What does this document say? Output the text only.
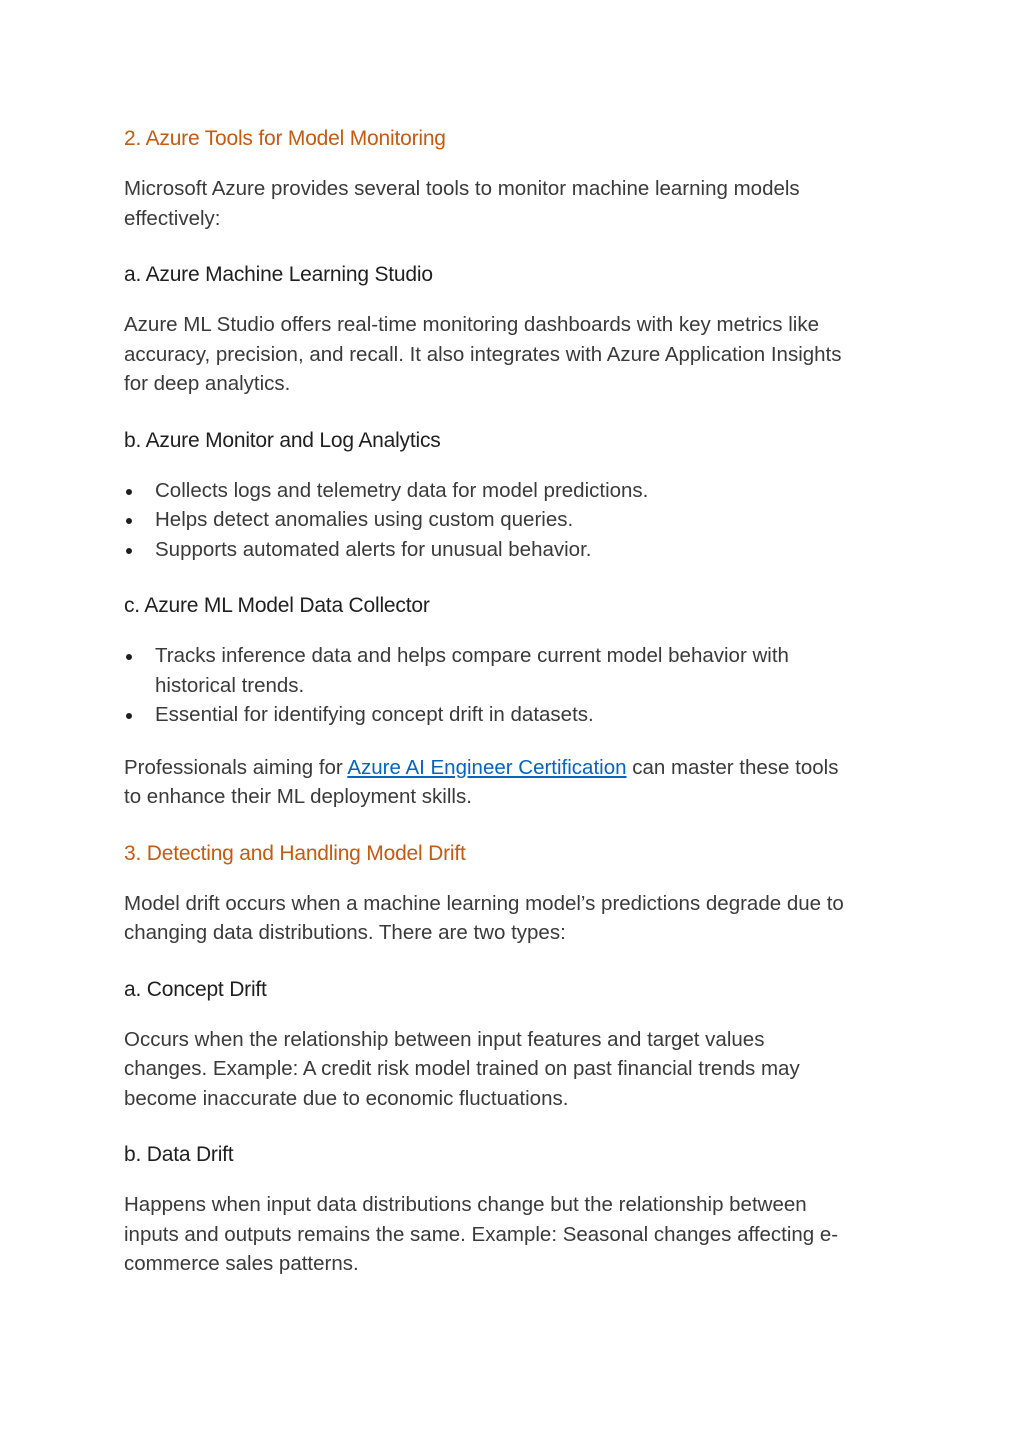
2. Azure Tools for Model Monitoring

Microsoft Azure provides several tools to monitor machine learning models
effectively:

a. Azure Machine Learning Studio

Azure ML Studio offers real-time monitoring dashboards with key metrics like
accuracy, precision, and recall. It also integrates with Azure Application Insights
for deep analytics.

b. Azure Monitor and Log Analytics
Collects logs and telemetry data for model predictions.
Helps detect anomalies using custom queries.
Supports automated alerts for unusual behavior.
c. Azure ML Model Data Collector
Tracks inference data and helps compare current model behavior with
historical trends.
Essential for identifying concept drift in datasets.

Professionals aiming for Azure AI Engineer Certification can master these tools
to enhance their ML deployment skills.

3. Detecting and Handling Model Drift

Model drift occurs when a machine learning model’s predictions degrade due to
changing data distributions. There are two types:

a. Concept Drift

Occurs when the relationship between input features and target values
changes. Example: A credit risk model trained on past financial trends may
become inaccurate due to economic fluctuations.

b. Data Drift

Happens when input data distributions change but the relationship between
inputs and outputs remains the same. Example: Seasonal changes affecting e-
commerce sales patterns.
